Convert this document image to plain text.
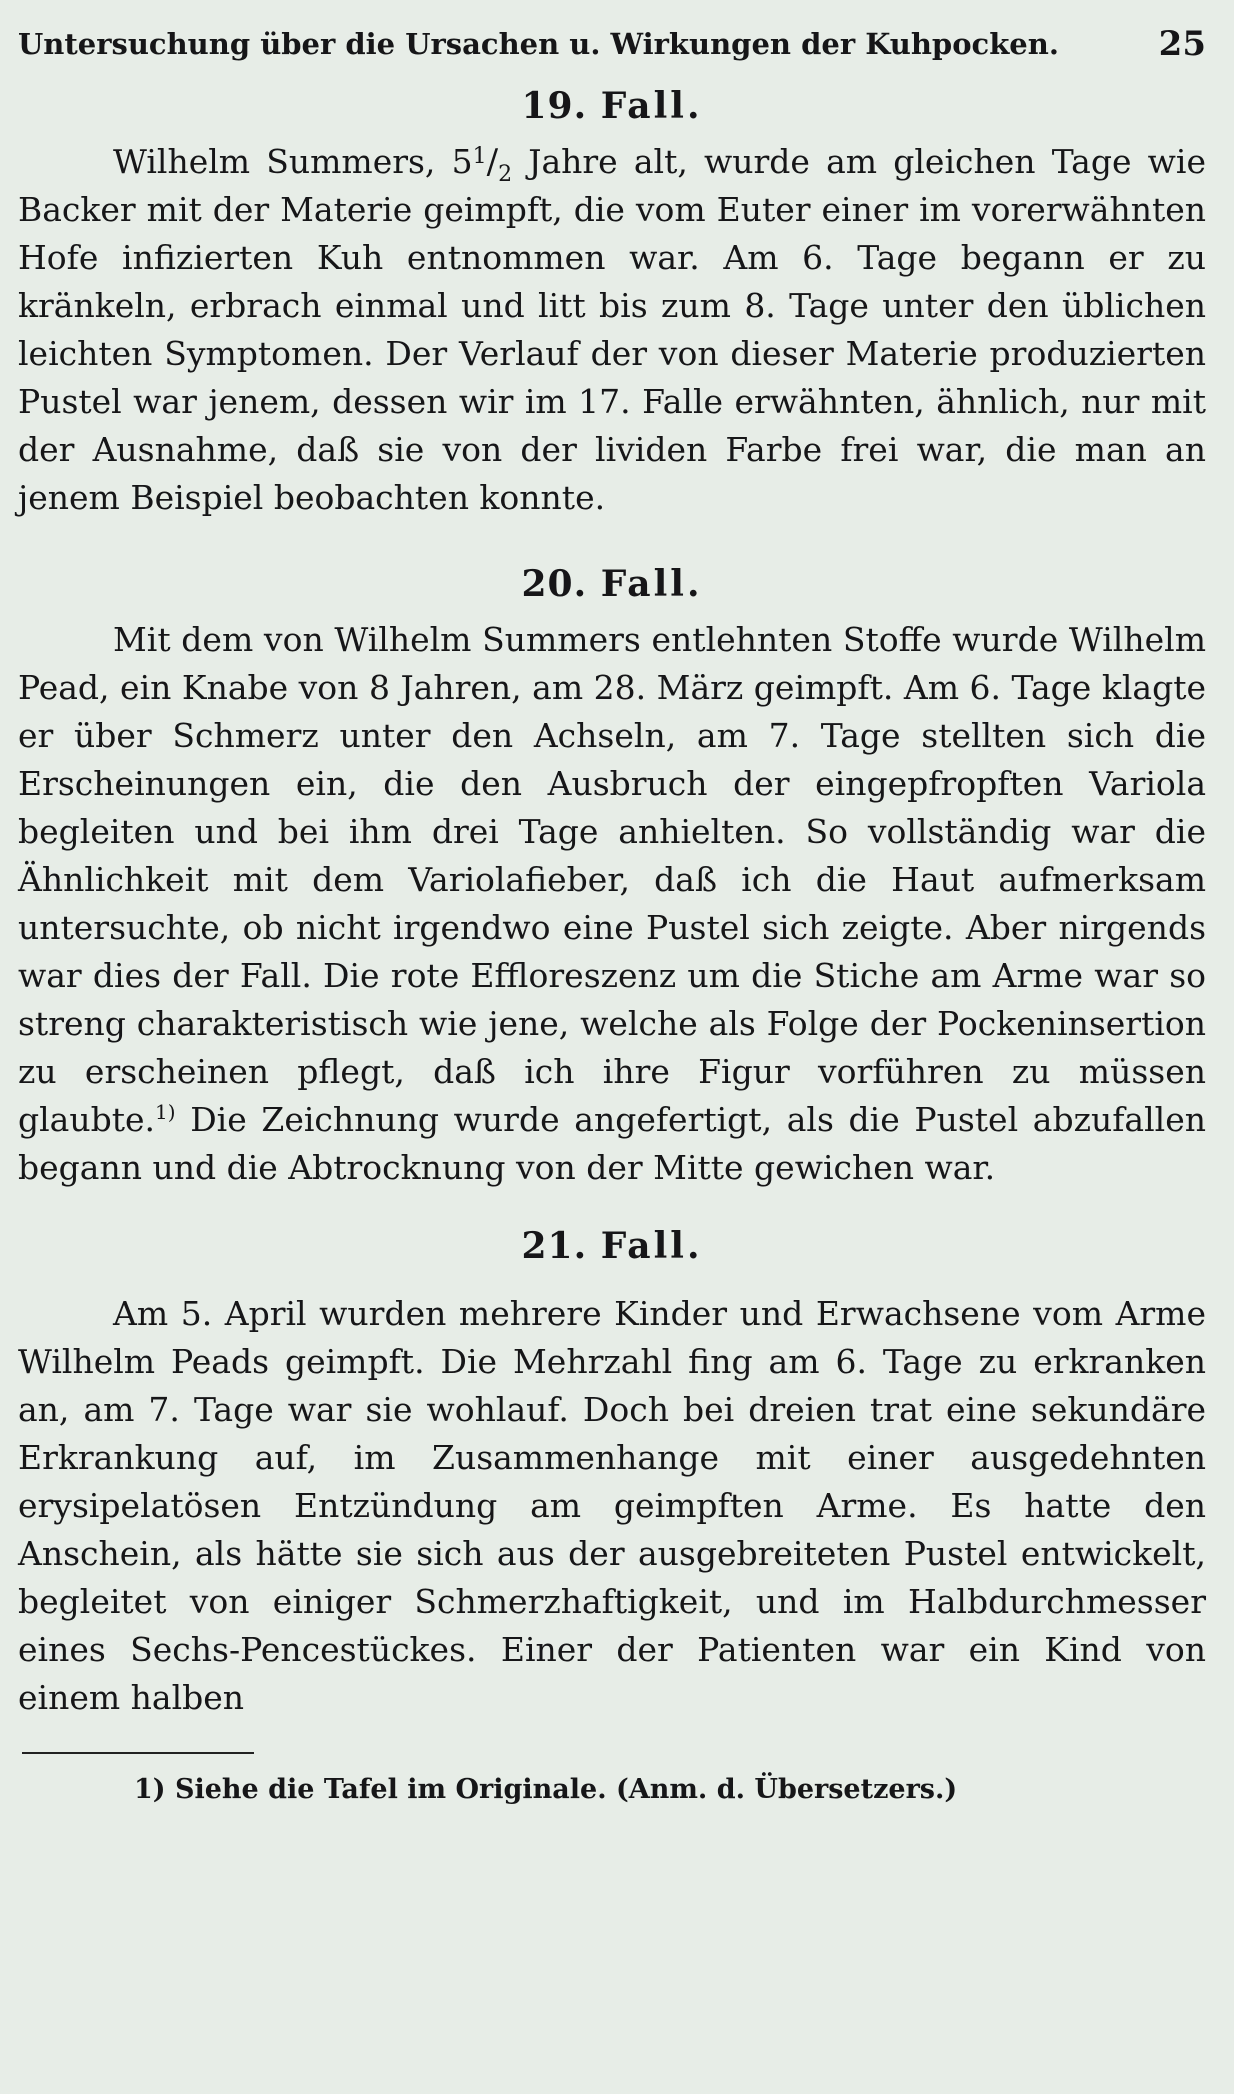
Untersuchung über die Ursachen u. Wirkungen der Kuhpocken.	25
19. Fall.

Wilhelm Summers, $5^1/_2$ Jahre alt, wurde am gleichen Tage wie Backer mit der Materie geimpft, die vom Euter einer im vorerwähnten Hofe infizierten Kuh entnommen war. Am 6. Tage begann er zu kränkeln, erbrach einmal und litt bis zum 8. Tage unter den üblichen leichten Symptomen. Der Verlauf der von dieser Materie produzierten Pustel war jenem, dessen wir im 17. Falle erwähnten, ähnlich, nur mit der Ausnahme, daß sie von der lividen Farbe frei war, die man an jenem Beispiel beobachten konnte.

20. Fall.

Mit dem von Wilhelm Summers entlehnten Stoffe wurde Wilhelm Pead, ein Knabe von 8 Jahren, am 28. März geimpft. Am 6. Tage klagte er über Schmerz unter den Achseln, am 7. Tage stellten sich die Erscheinungen ein, die den Ausbruch der eingepfropften Variola begleiten und bei ihm drei Tage anhielten. So vollständig war die Ähnlichkeit mit dem Variolafieber, daß ich die Haut aufmerksam untersuchte, ob nicht irgendwo eine Pustel sich zeigte. Aber nirgends war dies der Fall. Die rote Effloreszenz um die Stiche am Arme war so streng charakteristisch wie jene, welche als Folge der Pockeninsertion zu erscheinen pflegt, daß ich ihre Figur vorführen zu müssen glaubte.$^{1)}$ Die Zeichnung wurde angefertigt, als die Pustel abzufallen begann und die Abtrocknung von der Mitte gewichen war.

21. Fall.

Am 5. April wurden mehrere Kinder und Erwachsene vom Arme Wilhelm Peads geimpft. Die Mehrzahl fing am 6. Tage zu erkranken an, am 7. Tage war sie wohlauf. Doch bei dreien trat eine sekundäre Erkrankung auf, im Zusammenhange mit einer ausgedehnten erysipelatösen Entzündung am geimpften Arme. Es hatte den Anschein, als hätte sie sich aus der ausgebreiteten Pustel entwickelt, begleitet von einiger Schmerzhaftigkeit, und im Halbdurchmesser eines Sechs-Pencestückes. Einer der Patienten war ein Kind von einem halben

1) Siehe die Tafel im Originale. (Anm. d. Übersetzers.)
